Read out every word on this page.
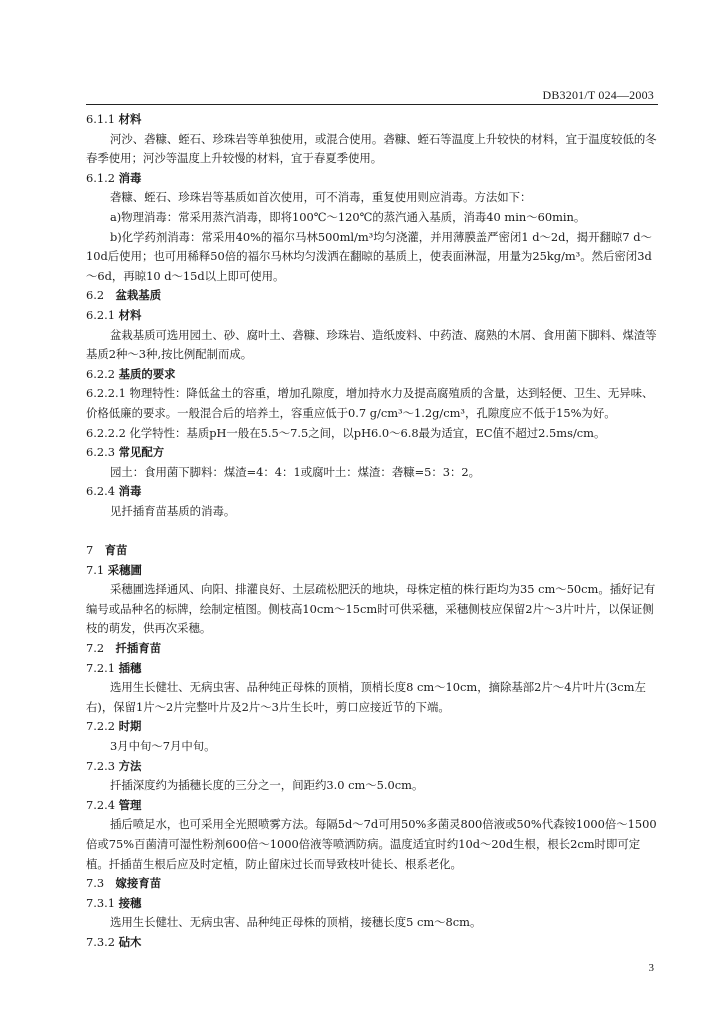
DB3201/T 024—2003

6.1.1 材料

河沙、砻糠、蛭石、珍珠岩等单独使用，或混合使用。砻糠、蛭石等温度上升较快的材料，宜于温度较低的冬春季使用；河沙等温度上升较慢的材料，宜于春夏季使用。

6.1.2 消毒

砻糠、蛭石、珍珠岩等基质如首次使用，可不消毒，重复使用则应消毒。方法如下：

a)物理消毒：常采用蒸汽消毒，即将100℃～120℃的蒸汽通入基质，消毒40 min～60min。

b)化学药剂消毒：常采用40%的福尔马林500ml/m³均匀浇灌，并用薄膜盖严密闭1 d～2d，揭开翻晾7 d～10d后使用；也可用稀释50倍的福尔马林均匀泼洒在翻晾的基质上，使表面淋湿，用量为25kg/m³。然后密闭3d～6d，再晾10 d～15d以上即可使用。

6.2　盆栽基质

6.2.1 材料

盆栽基质可选用园土、砂、腐叶土、砻糠、珍珠岩、造纸废料、中药渣、腐熟的木屑、食用菌下脚料、煤渣等基质2种～3种,按比例配制而成。

6.2.2 基质的要求

6.2.2.1 物理特性：降低盆土的容重，增加孔隙度，增加持水力及提高腐殖质的含量，达到轻便、卫生、无异味、价格低廉的要求。一般混合后的培养土，容重应低于0.7 g/cm³～1.2g/cm³，孔隙度应不低于15%为好。

6.2.2.2 化学特性：基质pH一般在5.5～7.5之间，以pH6.0～6.8最为适宜，EC值不超过2.5ms/cm。

6.2.3 常见配方

园土：食用菌下脚料：煤渣=4：4：1或腐叶土：煤渣：砻糠=5：3：2。

6.2.4 消毒

见扦插育苗基质的消毒。

7　育苗

7.1 采穗圃

采穗圃选择通风、向阳、排灌良好、土层疏松肥沃的地块，母株定植的株行距均为35 cm～50cm。插好记有编号或品种名的标牌，绘制定植图。侧枝高10cm～15cm时可供采穗，采穗侧枝应保留2片～3片叶片，以保证侧枝的萌发，供再次采穗。

7.2　扦插育苗

7.2.1 插穗

选用生长健壮、无病虫害、品种纯正母株的顶梢，顶梢长度8 cm～10cm，摘除基部2片～4片叶片(3cm左右)，保留1片～2片完整叶片及2片～3片生长叶，剪口应接近节的下端。

7.2.2 时期

3月中旬～7月中旬。

7.2.3 方法

扦插深度约为插穗长度的三分之一，间距约3.0 cm～5.0cm。

7.2.4 管理

插后喷足水，也可采用全光照喷雾方法。每隔5d～7d可用50%多菌灵800倍液或50%代森铵1000倍～1500倍或75%百菌清可湿性粉剂600倍～1000倍液等喷洒防病。温度适宜时约10d～20d生根，根长2cm时即可定植。扦插苗生根后应及时定植，防止留床过长而导致枝叶徒长、根系老化。

7.3　嫁接育苗

7.3.1 接穗

选用生长健壮、无病虫害、品种纯正母株的顶梢，接穗长度5 cm～8cm。

7.3.2 砧木

3
